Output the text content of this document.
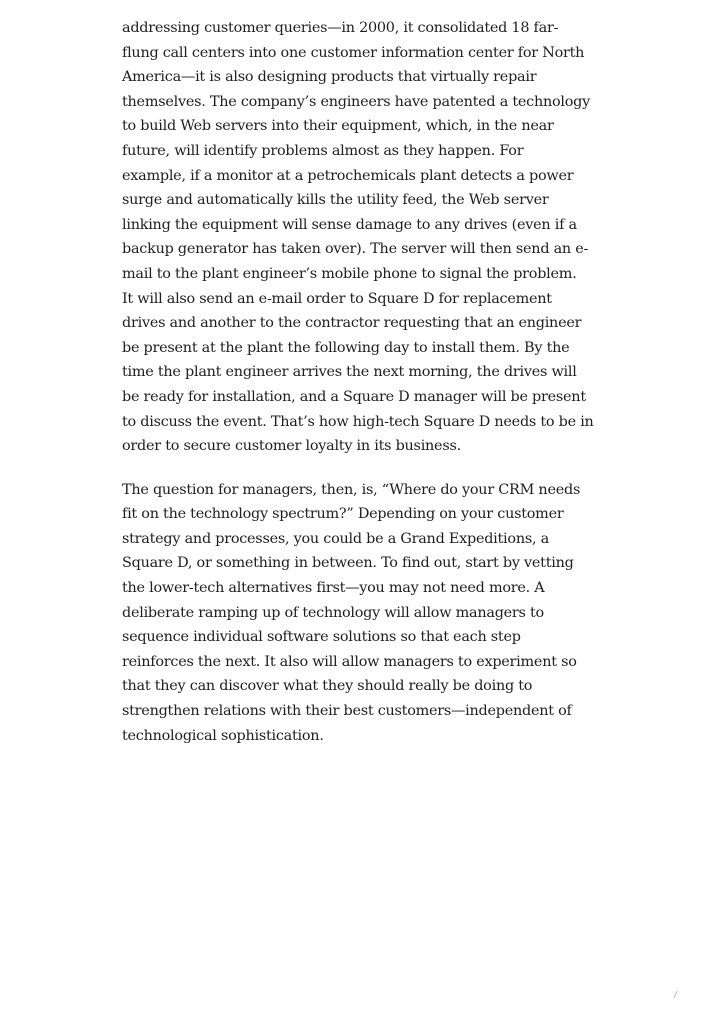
addressing customer queries—in 2000, it consolidated 18 far-
flung call centers into one customer information center for North
America—it is also designing products that virtually repair
themselves. The company’s engineers have patented a technology
to build Web servers into their equipment, which, in the near
future, will identify problems almost as they happen. For
example, if a monitor at a petrochemicals plant detects a power
surge and automatically kills the utility feed, the Web server
linking the equipment will sense damage to any drives (even if a
backup generator has taken over). The server will then send an e-
mail to the plant engineer’s mobile phone to signal the problem.
It will also send an e-mail order to Square D for replacement
drives and another to the contractor requesting that an engineer
be present at the plant the following day to install them. By the
time the plant engineer arrives the next morning, the drives will
be ready for installation, and a Square D manager will be present
to discuss the event. That’s how high-tech Square D needs to be in
order to secure customer loyalty in its business.

The question for managers, then, is, “Where do your CRM needs
fit on the technology spectrum?” Depending on your customer
strategy and processes, you could be a Grand Expeditions, a
Square D, or something in between. To find out, start by vetting
the lower-tech alternatives first—you may not need more. A
deliberate ramping up of technology will allow managers to
sequence individual software solutions so that each step
reinforces the next. It also will allow managers to experiment so
that they can discover what they should really be doing to
strengthen relations with their best customers—independent of
technological sophistication.

/
